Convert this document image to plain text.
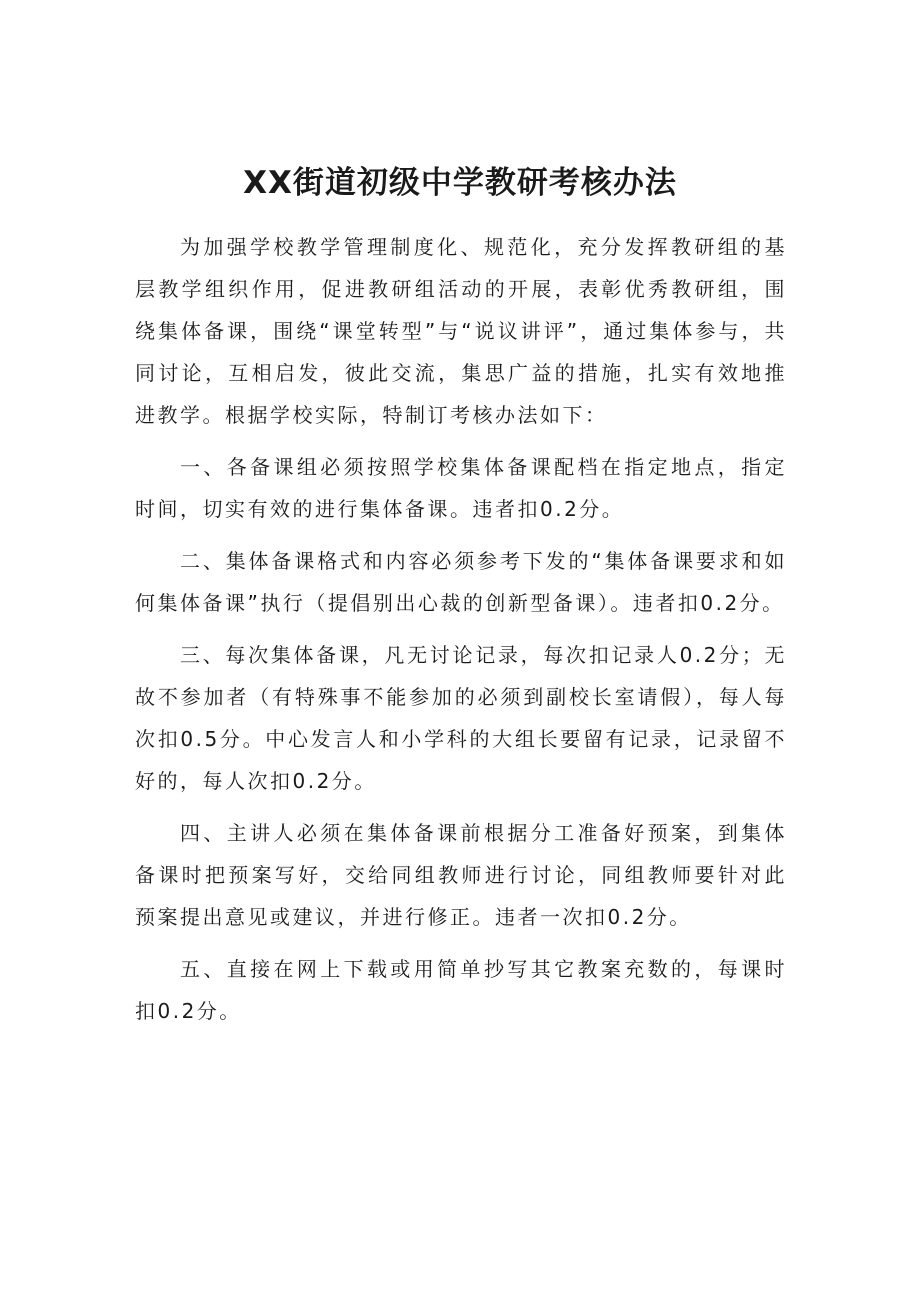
XX街道初级中学教研考核办法

为加强学校教学管理制度化、规范化，充分发挥教研组的基层教学组织作用，促进教研组活动的开展，表彰优秀教研组，围绕集体备课，围绕“课堂转型”与“说议讲评”，通过集体参与，共同讨论，互相启发，彼此交流，集思广益的措施，扎实有效地推进教学。根据学校实际，特制订考核办法如下：

一、各备课组必须按照学校集体备课配档在指定地点，指定时间，切实有效的进行集体备课。违者扣0.2分。

二、集体备课格式和内容必须参考下发的“集体备课要求和如何集体备课”执行（提倡别出心裁的创新型备课）。违者扣0.2分。

三、每次集体备课，凡无讨论记录，每次扣记录人0.2分；无故不参加者（有特殊事不能参加的必须到副校长室请假），每人每次扣0.5分。中心发言人和小学科的大组长要留有记录，记录留不好的，每人次扣0.2分。

四、主讲人必须在集体备课前根据分工准备好预案，到集体备课时把预案写好，交给同组教师进行讨论，同组教师要针对此预案提出意见或建议，并进行修正。违者一次扣0.2分。

五、直接在网上下载或用简单抄写其它教案充数的，每课时扣0.2分。
